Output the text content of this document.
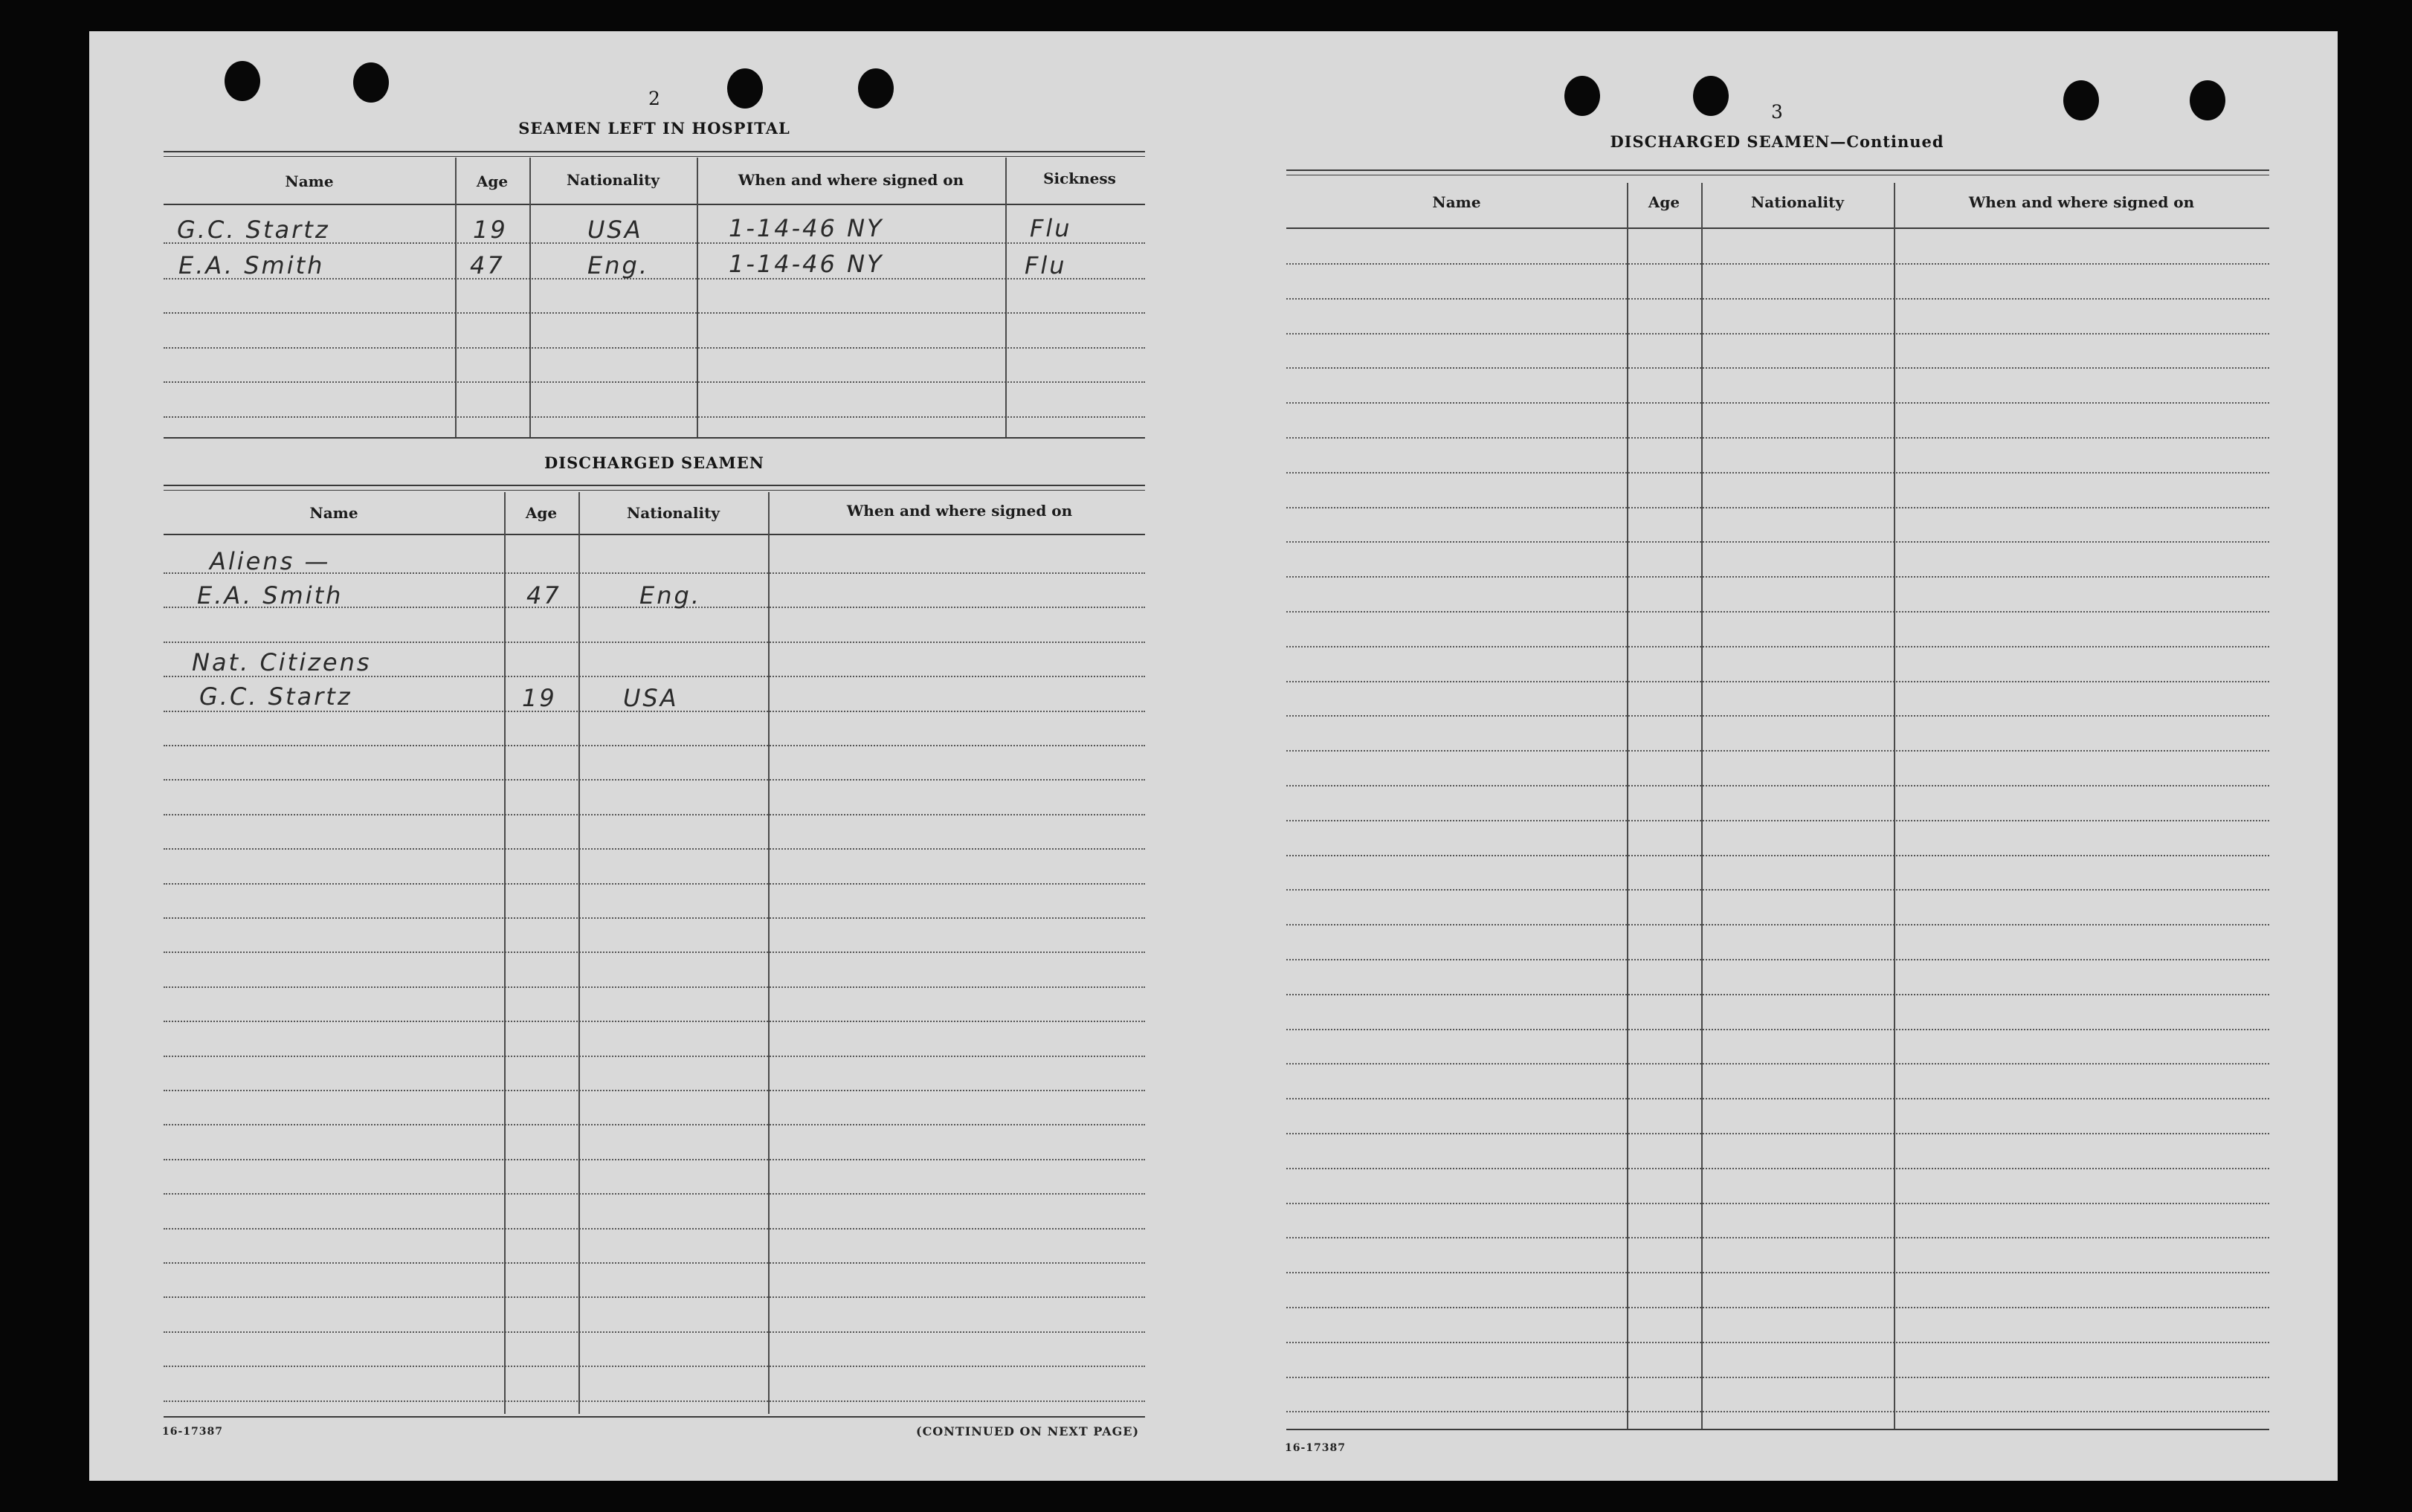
2
SEAMEN LEFT IN HOSPITAL
Name	Age	Nationality	When and where signed on	Sickness
G.C. Startz	19	USA	1-14-46 NY	Flu
E.A. Smith	47	Eng.	1-14-46 NY	Flu
DISCHARGED SEAMEN
Name	Age	Nationality	When and where signed on
Aliens —
E.A. Smith	47	Eng.
Nat. Citizens
G.C. Startz	19	USA
16-17387	(CONTINUED ON NEXT PAGE)
3
DISCHARGED SEAMEN—Continued
Name	Age	Nationality	When and where signed on
16-17387
